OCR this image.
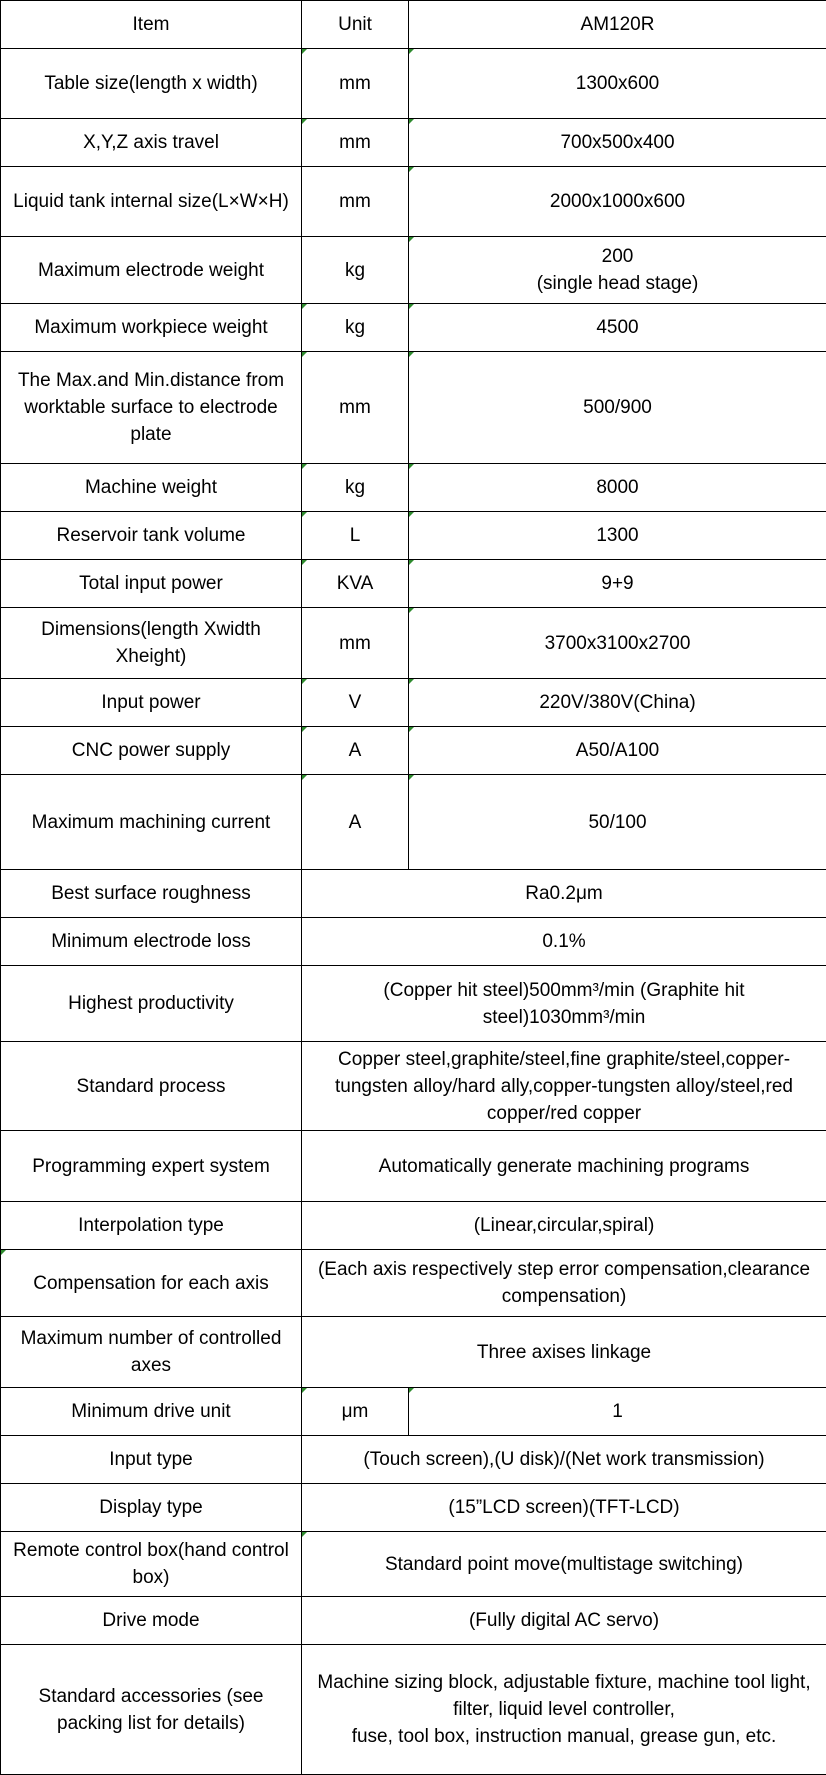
Item	Unit	AM120R
Table size(length x width)	mm	1300x600
X,Y,Z axis travel	mm	700x500x400
Liquid tank internal size(L×W×H)	mm	2000x1000x600
Maximum electrode weight	kg	200
(single head stage)
Maximum workpiece weight	kg	4500
The Max.and Min.distance from worktable surface to electrode plate	mm	500/900
Machine weight	kg	8000
Reservoir tank volume	L	1300
Total input power	KVA	9+9
Dimensions(length Xwidth Xheight)	mm	3700x3100x2700
Input power	V	220V/380V(China)
CNC power supply	A	A50/A100
Maximum machining current	A	50/100
Best surface roughness	Ra0.2μm	
Minimum electrode loss	0.1%	
Highest productivity	(Copper hit steel)500mm³/min (Graphite hit steel)1030mm³/min	
Standard process	Copper steel,graphite/steel,fine graphite/steel,copper-tungsten alloy/hard ally,copper-tungsten alloy/steel,red copper/red copper	
Programming expert system	Automatically generate machining programs	
Interpolation type	(Linear,circular,spiral)	
Compensation for each axis	(Each axis respectively step error compensation,clearance compensation)	
Maximum number of controlled axes	Three axises linkage	
Minimum drive unit	μm	1
Input type	(Touch screen),(U disk)/(Net work transmission)	
Display type	(15”LCD screen)(TFT-LCD)	
Remote control box(hand control box)	Standard point move(multistage switching)	
Drive mode	(Fully digital AC servo)	
Standard accessories (see packing list for details)	Machine sizing block, adjustable fixture, machine tool light, filter, liquid level controller,
fuse, tool box, instruction manual, grease gun, etc.	
